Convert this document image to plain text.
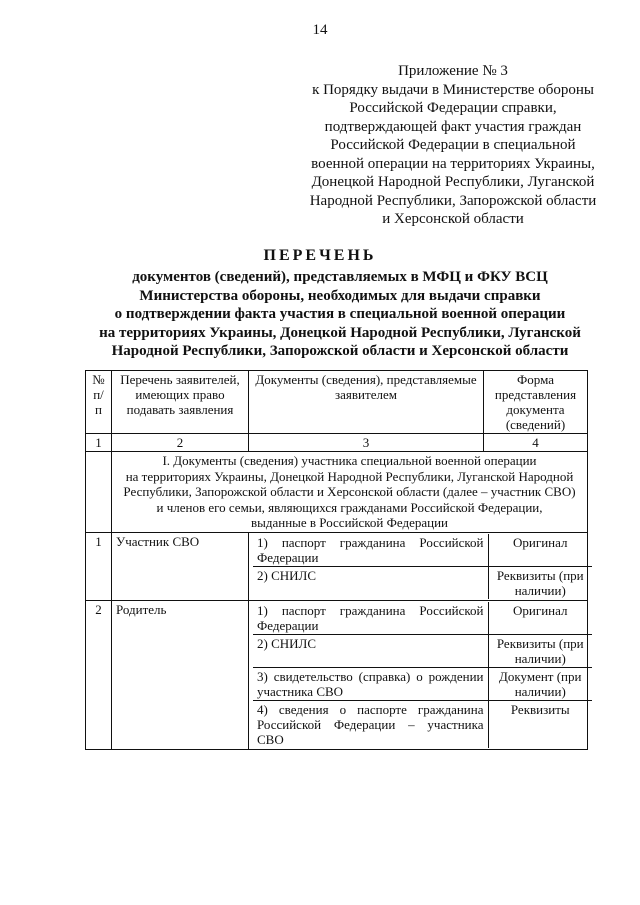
14
Приложение № 3
к Порядку выдачи в Министерстве обороны
Российской Федерации справки,
подтверждающей факт участия граждан
Российской Федерации в специальной
военной операции на территориях Украины,
Донецкой Народной Республики, Луганской
Народной Республики, Запорожской области
и Херсонской области
ПЕРЕЧЕНЬ
документов (сведений), представляемых в МФЦ и ФКУ ВСЦ
Министерства обороны, необходимых для выдачи справки
о подтверждении факта участия в специальной военной операции
на территориях Украины, Донецкой Народной Республики, Луганской
Народной Республики, Запорожской области и Херсонской области
№ п/п	Перечень заявителей, имеющих право подавать заявления	Документы (сведения), представляемые заявителем	Форма представления документа (сведений)
1	2	3	4

I. Документы (сведения) участника специальной военной операции
на территориях Украины, Донецкой Народной Республики, Луганской Народной
Республики, Запорожской области и Херсонской области (далее – участник СВО)
и членов его семьи, являющихся гражданами Российской Федерации,
выданные в Российской Федерации

1	Участник СВО		1) паспорт гражданина Российской Федерации	Оригинал
2) СНИЛС	Реквизиты (при наличии)

2	Родитель		1) паспорт гражданина Российской Федерации	Оригинал
2) СНИЛС	Реквизиты (при наличии)
3) свидетельство (справка) о рождении участника СВО	Документ (при наличии)
4) сведения о паспорте гражданина Российской Федерации – участника СВО	Реквизиты
